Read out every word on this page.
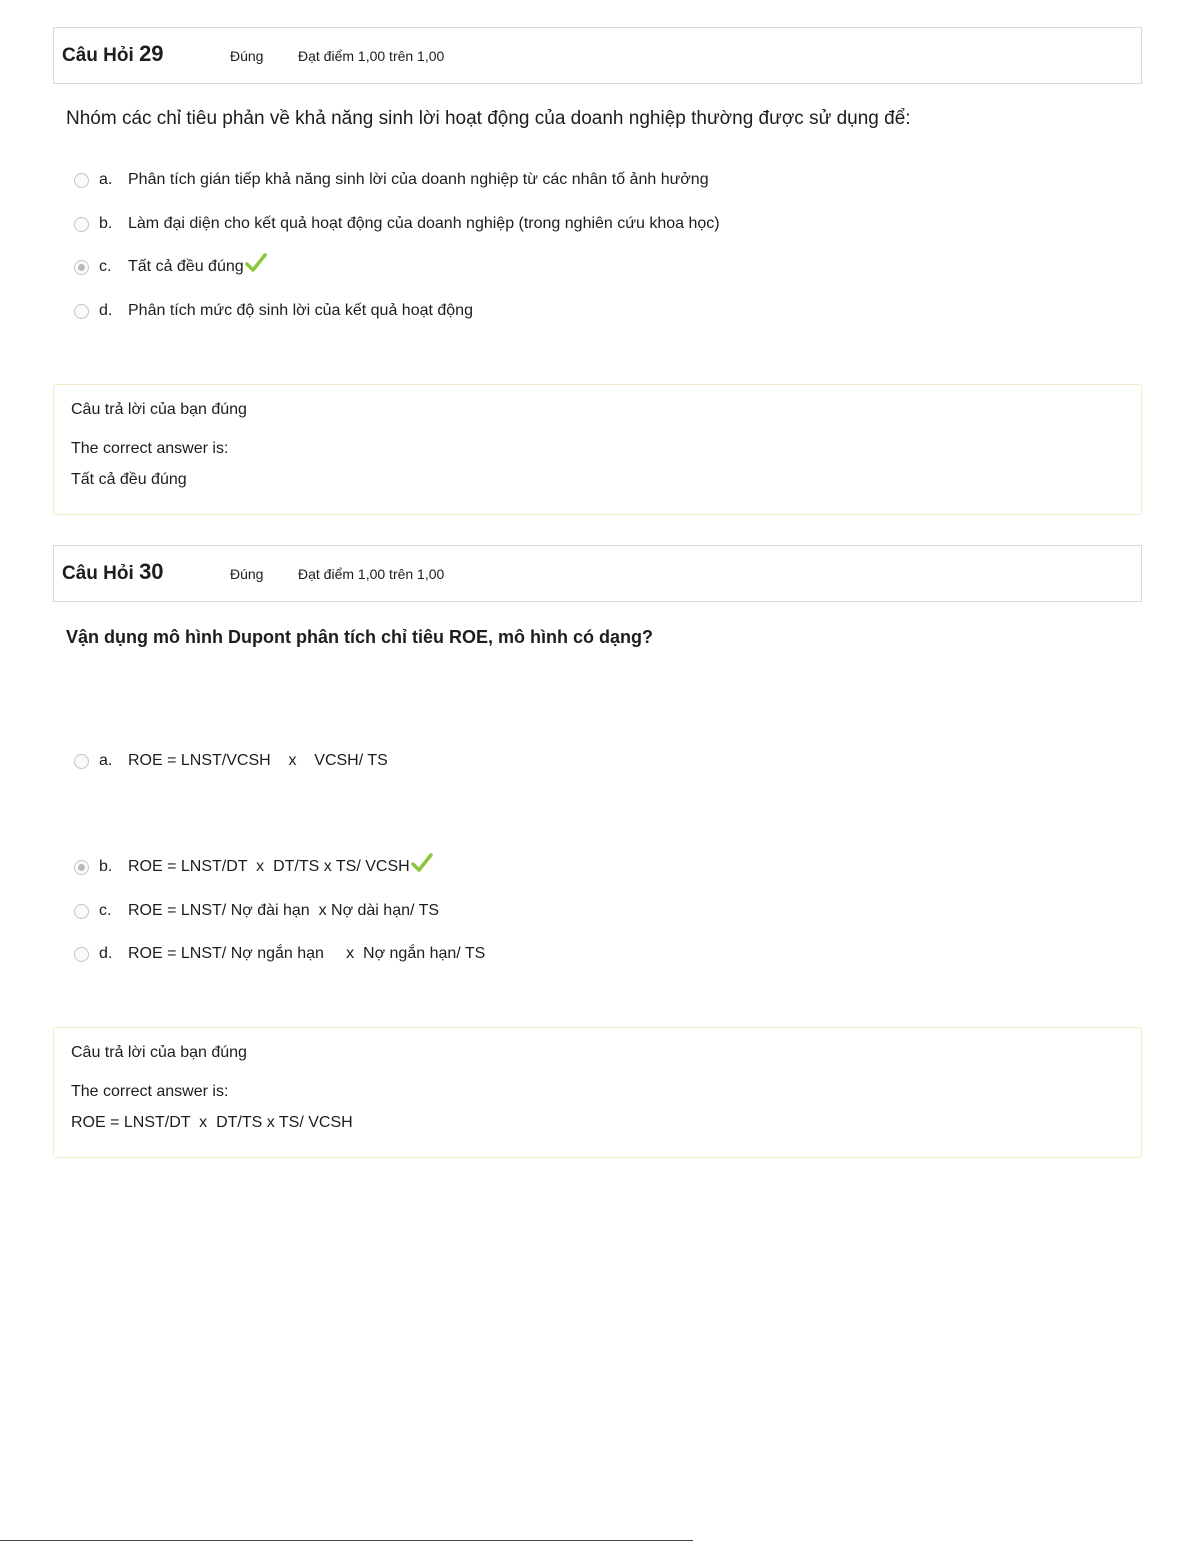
Câu Hỏi 29	Đúng Đạt điểm 1,00 trên 1,00
Nhóm các chỉ tiêu phản về khả năng sinh lời hoạt động của doanh nghiệp thường được sử dụng để:
a. Phân tích gián tiếp khả năng sinh lời của doanh nghiệp từ các nhân tố ảnh hưởng
b. Làm đại diện cho kết quả hoạt động của doanh nghiệp (trong nghiên cứu khoa học)
c.	Tất cả đều đúng
d. Phân tích mức độ sinh lời của kết quả hoạt động
Câu trả lời của bạn đúng
The correct answer is:
Tất cả đều đúng
Câu Hỏi 30	Đúng Đạt điểm 1,00 trên 1,00
Vận dụng mô hình Dupont phân tích chỉ tiêu ROE, mô hình có dạng?
a. ROE = LNST/VCSH    x    VCSH/ TS
b. ROE = LNST/DT  x  DT/TS x TS/ VCSH
c.	ROE = LNST/ Nợ đài hạn  x Nợ dài hạn/ TS
d. ROE = LNST/ Nợ ngắn hạn     x  Nợ ngắn hạn/ TS
Câu trả lời của bạn đúng
The correct answer is:
ROE = LNST/DT  x  DT/TS x TS/ VCSH
